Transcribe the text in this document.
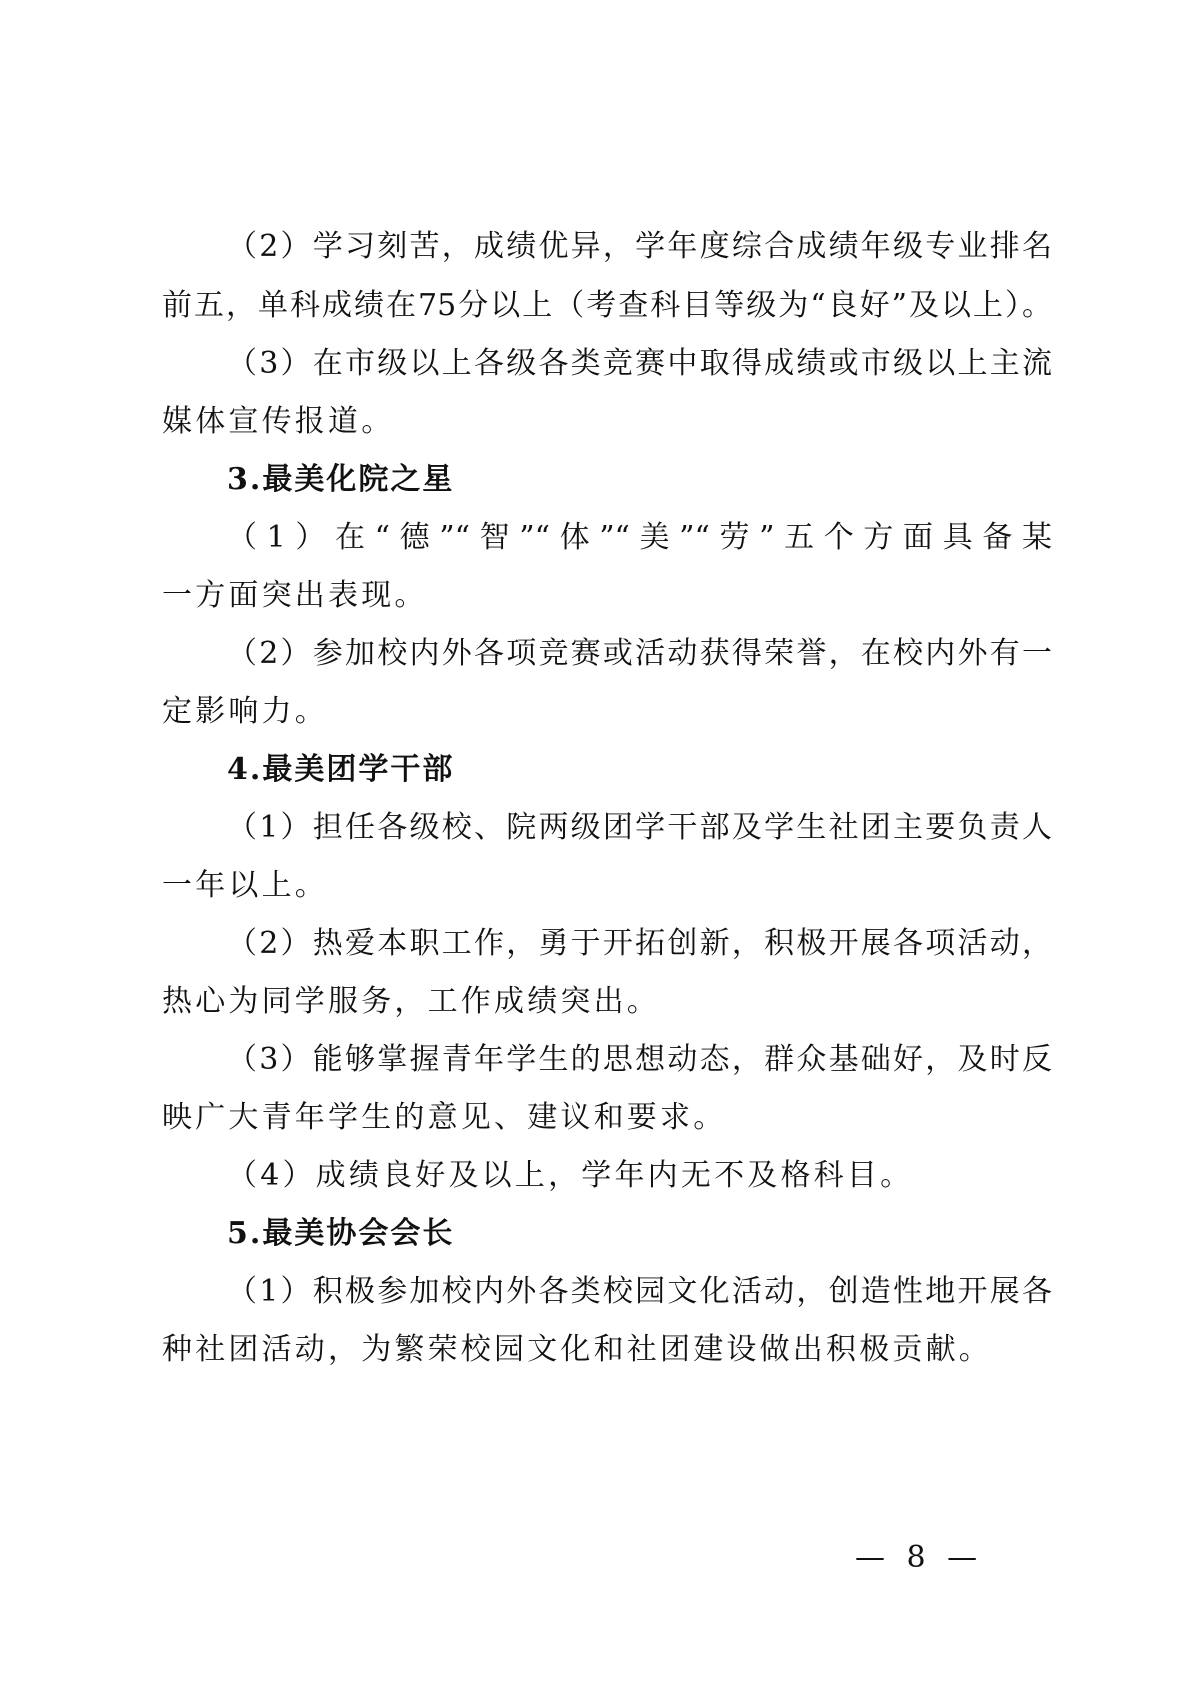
（2）学习刻苦，成绩优异，学年度综合成绩年级专业排名
前五，单科成绩在75分以上（考查科目等级为“良好”及以上）。
（3）在市级以上各级各类竞赛中取得成绩或市级以上主流
媒体宣传报道。
3.最美化院之星
（1）在“德”“智”“体”“美”“劳”五个方面具备某
一方面突出表现。
（2）参加校内外各项竞赛或活动获得荣誉，在校内外有一
定影响力。
4.最美团学干部
（1）担任各级校、院两级团学干部及学生社团主要负责人
一年以上。
（2）热爱本职工作，勇于开拓创新，积极开展各项活动，
热心为同学服务，工作成绩突出。
（3）能够掌握青年学生的思想动态，群众基础好，及时反
映广大青年学生的意见、建议和要求。
（4）成绩良好及以上，学年内无不及格科目。
5.最美协会会长
（1）积极参加校内外各类校园文化活动，创造性地开展各
种社团活动，为繁荣校园文化和社团建设做出积极贡献。
— 8 —
